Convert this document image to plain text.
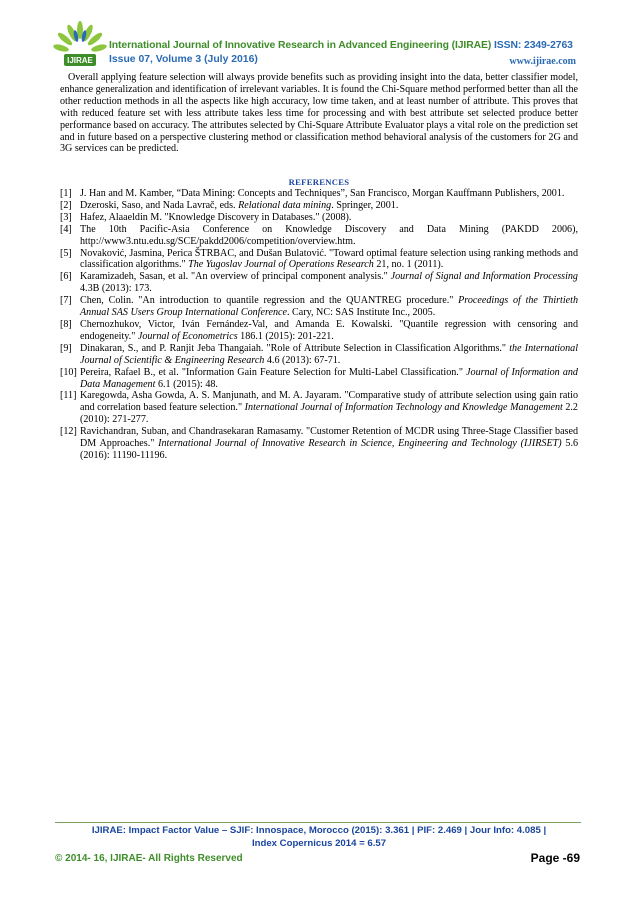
IJIRAE
International Journal of Innovative Research in Advanced Engineering (IJIRAE) ISSN: 2349-2763
Issue 07, Volume 3 (July 2016)	www.ijirae.com

Overall applying feature selection will always provide benefits such as providing insight into the data, better classifier model, enhance generalization and identification of irrelevant variables. It is found the Chi-Square method performed better than all the other reduction methods in all the aspects like high accuracy, low time taken, and at least number of attribute. This proves that with reduced feature set with less attribute takes less time for processing and with best attribute set selected produce better performance based on accuracy. The attributes selected by Chi-Square Attribute Evaluator plays a vital role on the prediction set and in future based on a perspective clustering method or classification method behavioral analysis of the customers for 2G and 3G services can be predicted.

REFERENCES
[1] J. Han and M. Kamber, “Data Mining: Concepts and Techniques”, San Francisco, Morgan Kauffmann Publishers, 2001.
[2] Dzeroski, Saso, and Nada Lavrač, eds. Relational data mining. Springer, 2001.
[3] Hafez, Alaaeldin M. "Knowledge Discovery in Databases." (2008).
[4] The 10th Pacific-Asia Conference on Knowledge Discovery and Data Mining (PAKDD 2006), http://www3.ntu.edu.sg/SCE/pakdd2006/competition/overview.htm.
[5] Novaković, Jasmina, Perica ŠTRBAC, and Dušan Bulatović. "Toward optimal feature selection using ranking methods and classification algorithms." The Yugoslav Journal of Operations Research 21, no. 1 (2011).
[6] Karamizadeh, Sasan, et al. "An overview of principal component analysis." Journal of Signal and Information Processing 4.3B (2013): 173.
[7] Chen, Colin. "An introduction to quantile regression and the QUANTREG procedure." Proceedings of the Thirtieth Annual SAS Users Group International Conference. Cary, NC: SAS Institute Inc., 2005.
[8] Chernozhukov, Victor, Iván Fernández-Val, and Amanda E. Kowalski. "Quantile regression with censoring and endogeneity." Journal of Econometrics 186.1 (2015): 201-221.
[9] Dinakaran, S., and P. Ranjit Jeba Thangaiah. "Role of Attribute Selection in Classification Algorithms." the International Journal of Scientific & Engineering Research 4.6 (2013): 67-71.
[10] Pereira, Rafael B., et al. "Information Gain Feature Selection for Multi-Label Classification." Journal of Information and Data Management 6.1 (2015): 48.
[11] Karegowda, Asha Gowda, A. S. Manjunath, and M. A. Jayaram. "Comparative study of attribute selection using gain ratio and correlation based feature selection." International Journal of Information Technology and Knowledge Management 2.2 (2010): 271-277.
[12] Ravichandran, Suban, and Chandrasekaran Ramasamy. "Customer Retention of MCDR using Three-Stage Classifier based DM Approaches." International Journal of Innovative Research in Science, Engineering and Technology (IJIRSET) 5.6 (2016): 11190-11196.
IJIRAE: Impact Factor Value – SJIF: Innospace, Morocco (2015): 3.361 | PIF: 2.469 | Jour Info: 4.085 |
Index Copernicus 2014 = 6.57
© 2014- 16, IJIRAE- All Rights Reserved	Page -69
